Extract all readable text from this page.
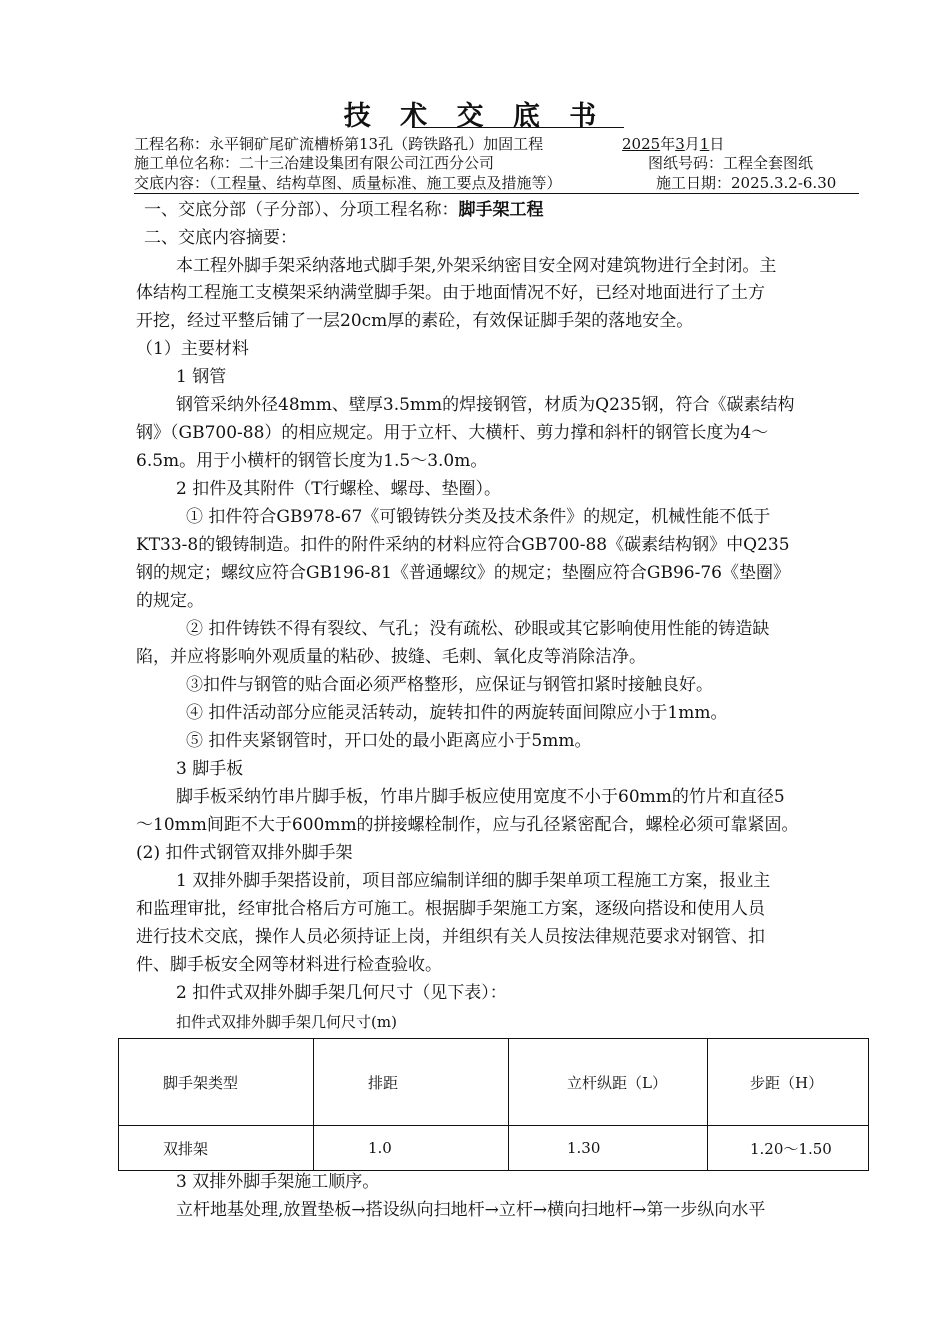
技 术 交 底 书
工程名称：永平铜矿尾矿流槽桥第13孔（跨铁路孔）加固工程	2025年3月1日
施工单位名称：二十三冶建设集团有限公司江西分公司	图纸号码：工程全套图纸
交底内容：（工程量、结构草图、质量标准、施工要点及措施等）	施工日期：2025.3.2-6.30
一、交底分部（子分部）、分项工程名称：脚手架工程
二、交底内容摘要：
本工程外脚手架采纳落地式脚手架,外架采纳密目安全网对建筑物进行全封闭。主
体结构工程施工支模架采纳满堂脚手架。由于地面情况不好，已经对地面进行了土方
开挖，经过平整后铺了一层20cm厚的素砼，有效保证脚手架的落地安全。
（1）主要材料
1 钢管
钢管采纳外径48mm、壁厚3.5mm的焊接钢管，材质为Q235钢，符合《碳素结构
钢》（GB700-88）的相应规定。用于立杆、大横杆、剪力撑和斜杆的钢管长度为4～
6.5m。用于小横杆的钢管长度为1.5～3.0m。
2 扣件及其附件（T行螺栓、螺母、垫圈）。
① 扣件符合GB978-67《可锻铸铁分类及技术条件》的规定，机械性能不低于
KT33-8的锻铸制造。扣件的附件采纳的材料应符合GB700-88《碳素结构钢》中Q235
钢的规定；螺纹应符合GB196-81《普通螺纹》的规定；垫圈应符合GB96-76《垫圈》
的规定。
② 扣件铸铁不得有裂纹、气孔；没有疏松、砂眼或其它影响使用性能的铸造缺
陷，并应将影响外观质量的粘砂、披缝、毛刺、氧化皮等消除洁净。
③扣件与钢管的贴合面必须严格整形，应保证与钢管扣紧时接触良好。
④ 扣件活动部分应能灵活转动，旋转扣件的两旋转面间隙应小于1mm。
⑤ 扣件夹紧钢管时，开口处的最小距离应小于5mm。
3 脚手板
脚手板采纳竹串片脚手板，竹串片脚手板应使用宽度不小于60mm的竹片和直径5
～10mm间距不大于600mm的拼接螺栓制作，应与孔径紧密配合，螺栓必须可靠紧固。
(2) 扣件式钢管双排外脚手架
1 双排外脚手架搭设前，项目部应编制详细的脚手架单项工程施工方案，报业主
和监理审批，经审批合格后方可施工。根据脚手架施工方案，逐级向搭设和使用人员
进行技术交底，操作人员必须持证上岗，并组织有关人员按法律规范要求对钢管、扣
件、脚手板安全网等材料进行检查验收。
2 扣件式双排外脚手架几何尺寸（见下表）：
扣件式双排外脚手架几何尺寸(m)
脚手架类型	排距	立杆纵距（L）	步距（H）
双排架	1.0	1.30	1.20～1.50
3 双排外脚手架施工顺序。
立杆地基处理,放置垫板→搭设纵向扫地杆→立杆→横向扫地杆→第一步纵向水平
